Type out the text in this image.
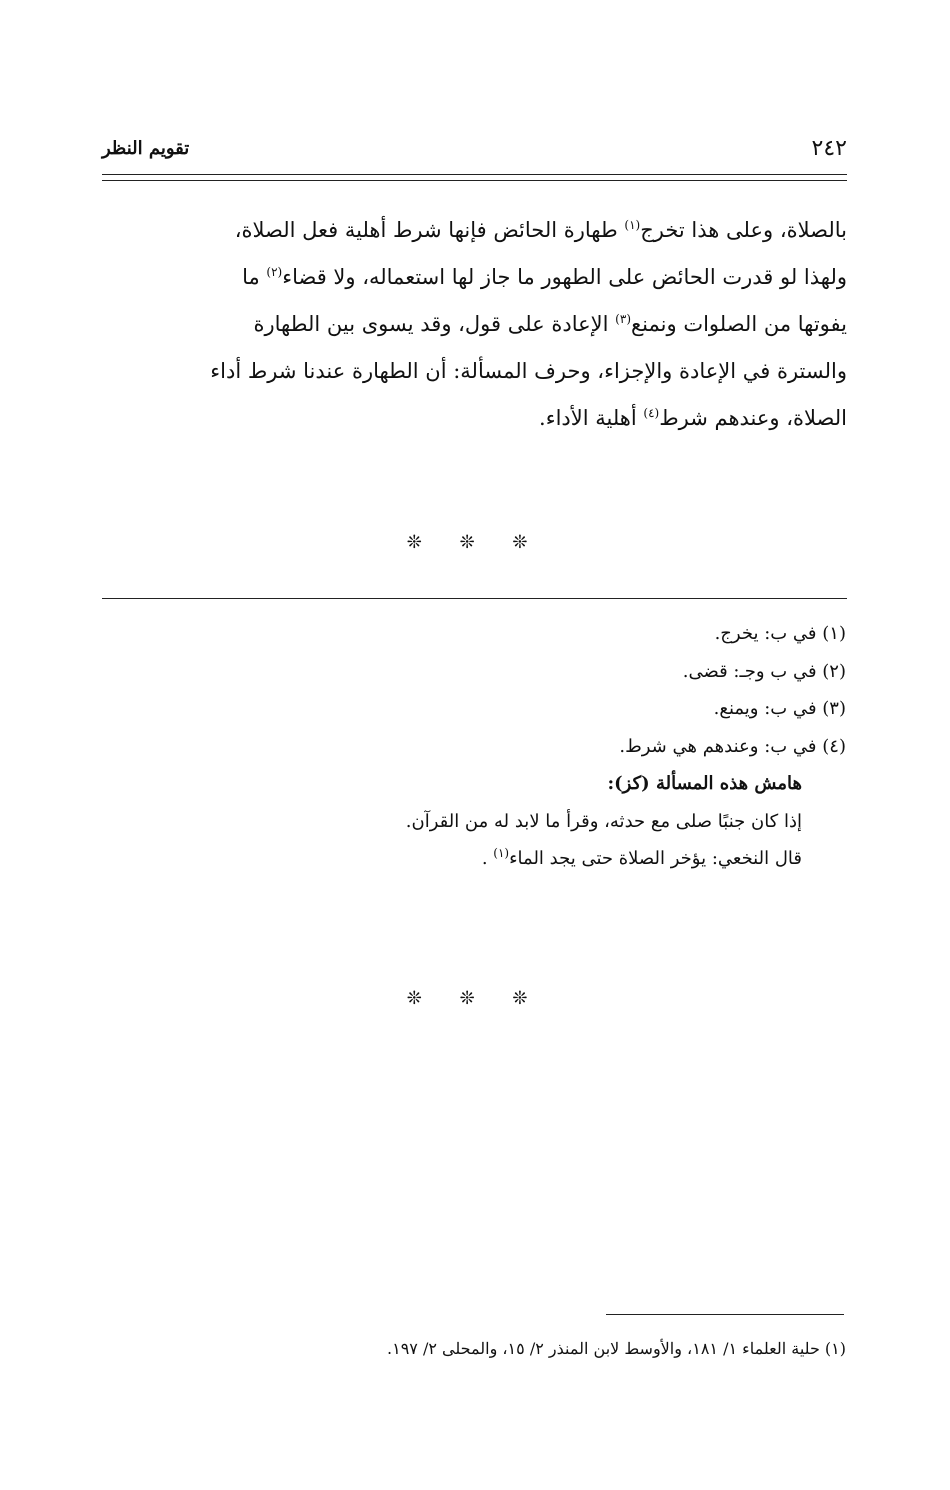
٢٤٢
تقويم النظر

بالصلاة، وعلى هذا تخرج$^{(١)}$ طهارة الحائض فإنها شرط أهلية فعل الصلاة،

ولهذا لو قدرت الحائض على الطهور ما جاز لها استعماله، ولا قضاء$^{(٢)}$ ما

يفوتها من الصلوات ونمنع$^{(٣)}$ الإعادة على قول، وقد يسوى بين الطهارة

والسترة في الإعادة والإجزاء، وحرف المسألة: أن الطهارة عندنا شرط أداء

الصلاة، وعندهم شرط$^{(٤)}$ أهلية الأداء.

❊ ❊ ❊
(١) في ب: يخرج.
(٢) في ب وجـ: قضى.
(٣) في ب: ويمنع.
(٤) في ب: وعندهم هي شرط.
هامش هذه المسألة (كز):
إذا كان جنبًا صلى مع حدثه، وقرأ ما لابد له من القرآن.
قال النخعي: يؤخر الصلاة حتى يجد الماء$^{(١)}$ .
❊ ❊ ❊
(١) حلية العلماء ١/ ١٨١، والأوسط لابن المنذر ٢/ ١٥، والمحلى ٢/ ١٩٧.
